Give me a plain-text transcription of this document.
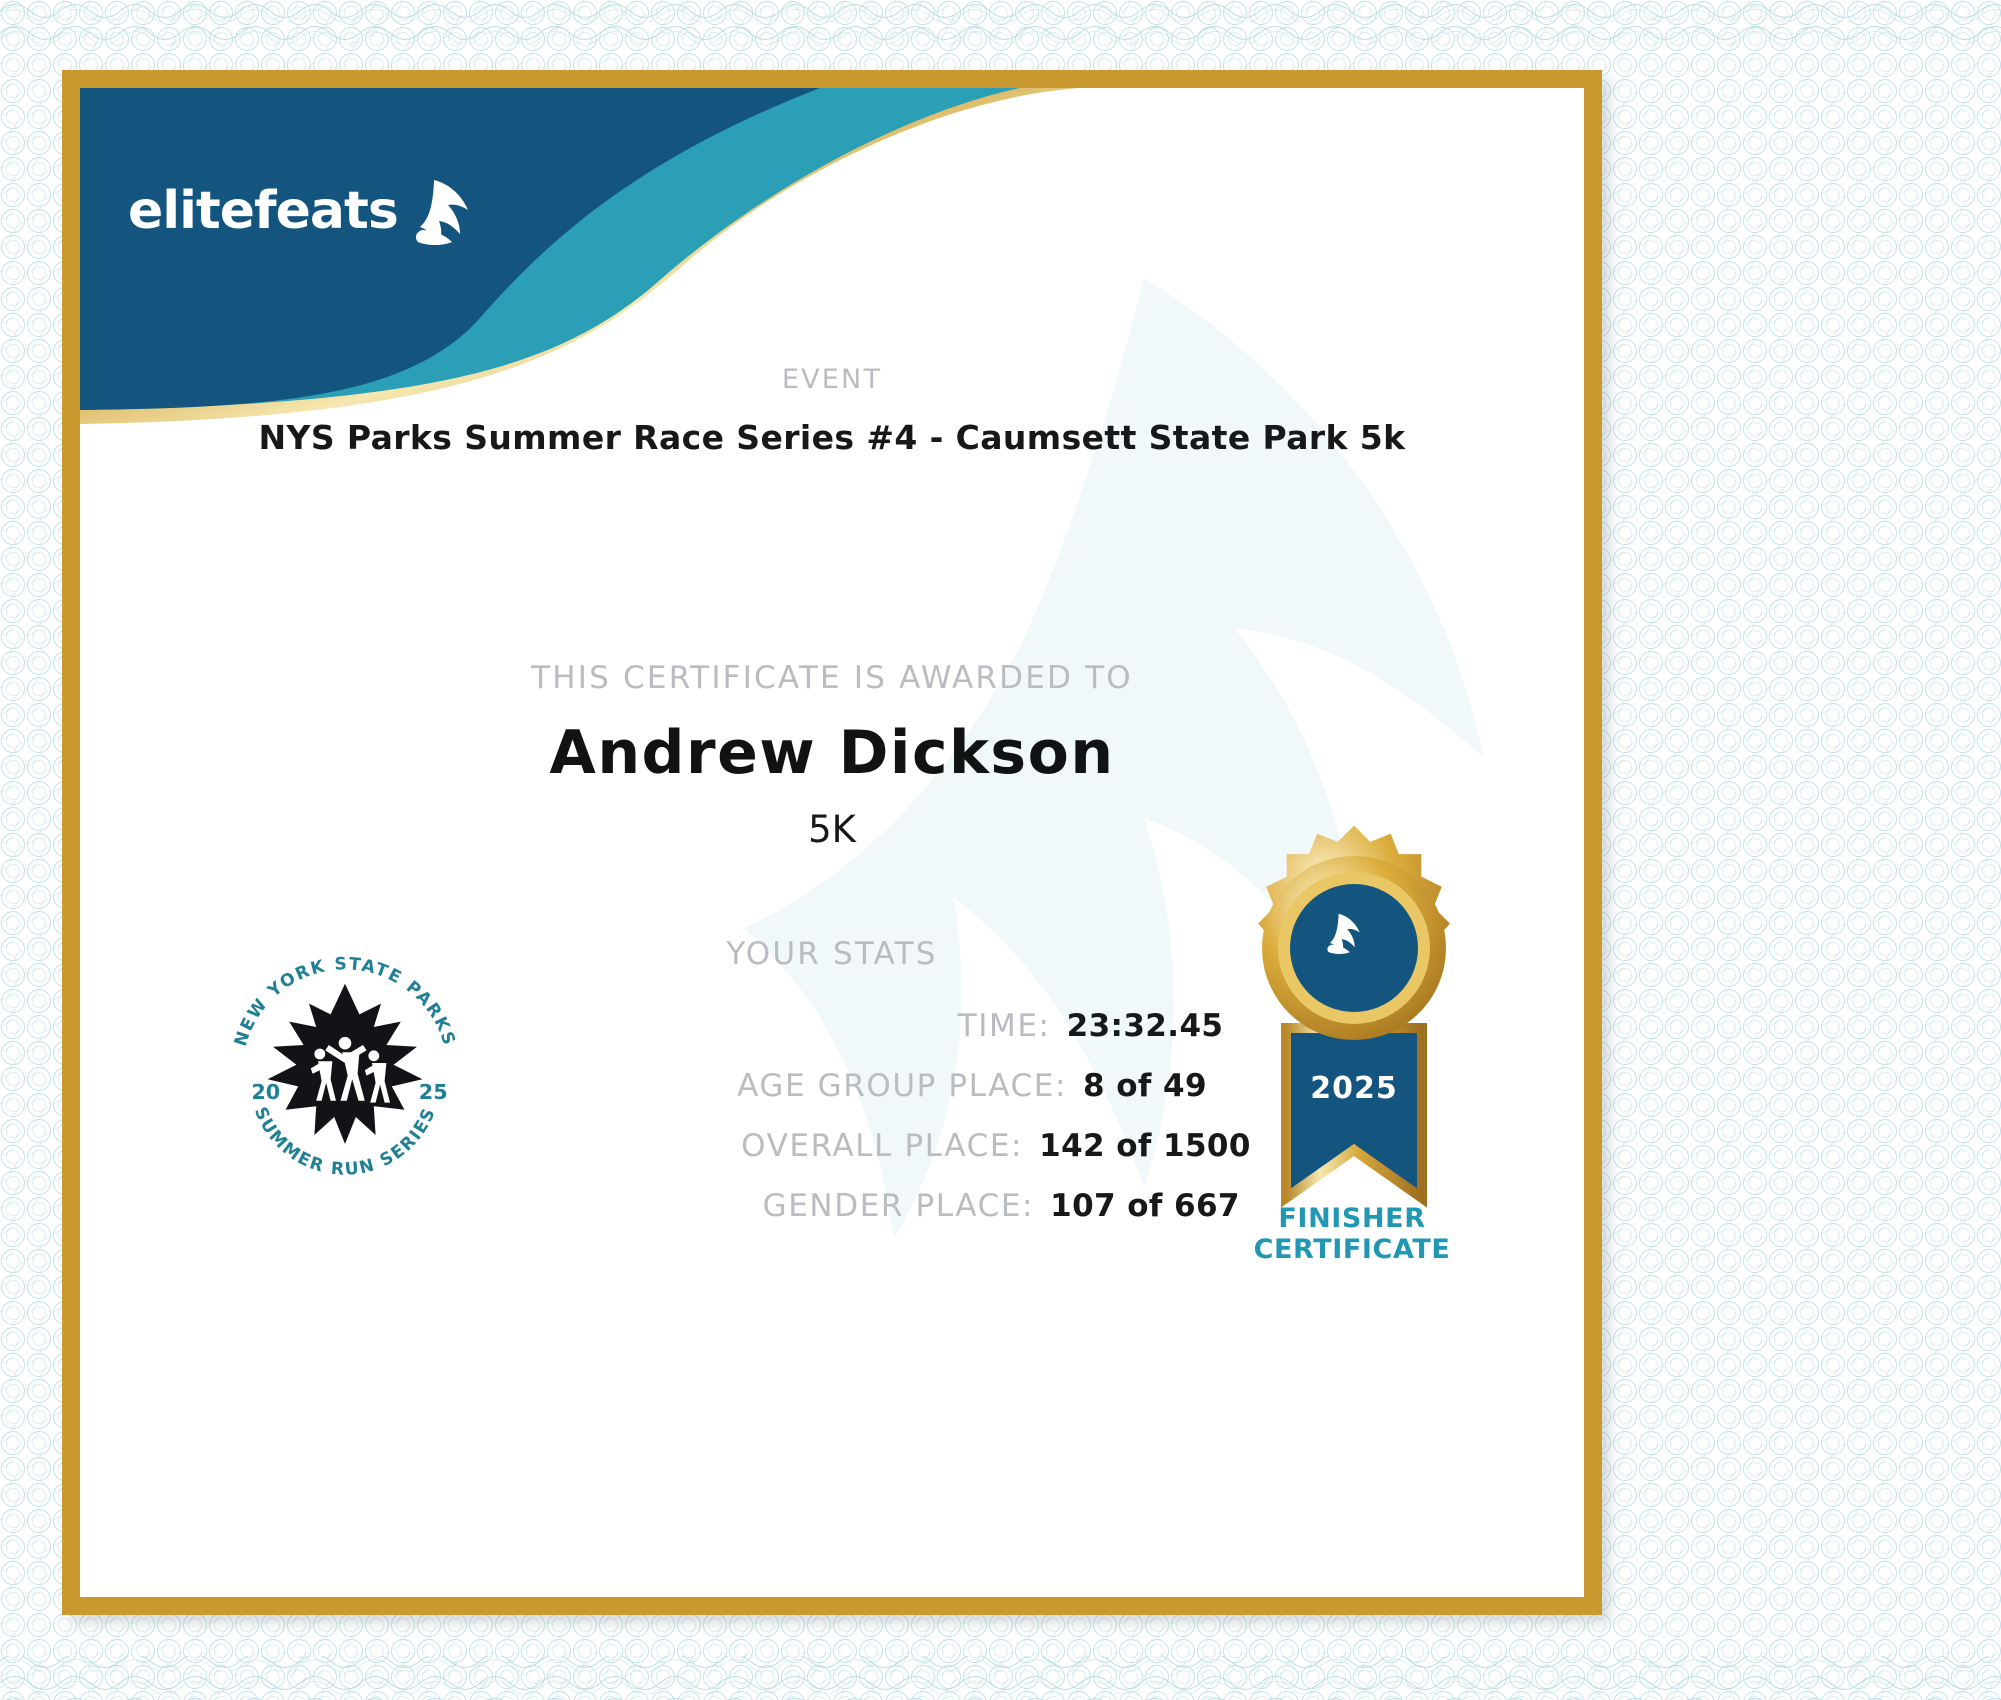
elitefeats
EVENT
NYS Parks Summer Race Series #4 - Caumsett State Park 5k
THIS CERTIFICATE IS AWARDED TO
Andrew Dickson
5K
YOUR STATS
TIME: 23:32.45
AGE GROUP PLACE: 8 of 49
OVERALL PLACE: 142 of 1500
GENDER PLACE: 107 of 667
NEW YORK STATE PARKS
SUMMER RUN SERIES
20	25	2025
FINISHER
CERTIFICATE
